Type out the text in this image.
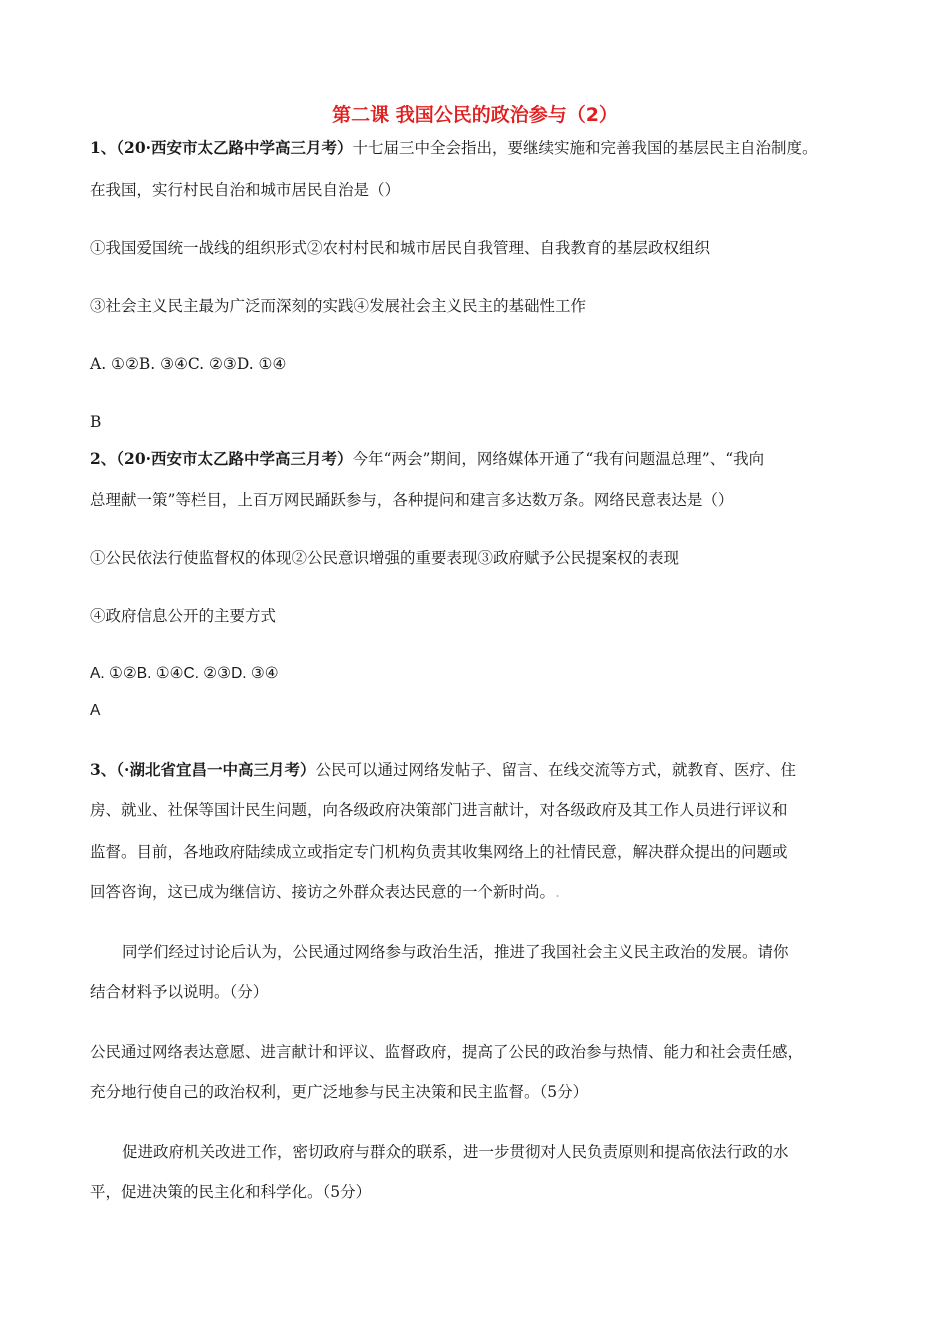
第二课 我国公民的政治参与（2）
1、（20·西安市太乙路中学高三月考）十七届三中全会指出，要继续实施和完善我国的基层民主自治制度。
在我国，实行村民自治和城市居民自治是（）
①我国爱国统一战线的组织形式②农村村民和城市居民自我管理、自我教育的基层政权组织
③社会主义民主最为广泛而深刻的实践④发展社会主义民主的基础性工作
A. ①②B. ③④C. ②③D. ①④
B
2、（20·西安市太乙路中学高三月考）今年“两会”期间，网络媒体开通了“我有问题温总理”、“我向
总理献一策”等栏目，上百万网民踊跃参与，各种提问和建言多达数万条。网络民意表达是（）
①公民依法行使监督权的体现②公民意识增强的重要表现③政府赋予公民提案权的表现
④政府信息公开的主要方式
A. ①②B. ①④C. ②③D. ③④
A
3、（·湖北省宜昌一中高三月考）公民可以通过网络发帖子、留言、在线交流等方式，就教育、医疗、住
房、就业、社保等国计民生问题，向各级政府决策部门进言献计，对各级政府及其工作人员进行评议和
监督。目前，各地政府陆续成立或指定专门机构负责其收集网络上的社情民意，解决群众提出的问题或
回答咨询，这已成为继信访、接访之外群众表达民意的一个新时尚。.
同学们经过讨论后认为，公民通过网络参与政治生活，推进了我国社会主义民主政治的发展。请你
结合材料予以说明。（分）
公民通过网络表达意愿、进言献计和评议、监督政府，提高了公民的政治参与热情、能力和社会责任感，
充分地行使自己的政治权利，更广泛地参与民主决策和民主监督。（5分）
促进政府机关改进工作，密切政府与群众的联系，进一步贯彻对人民负责原则和提高依法行政的水
平，促进决策的民主化和科学化。（5分）
